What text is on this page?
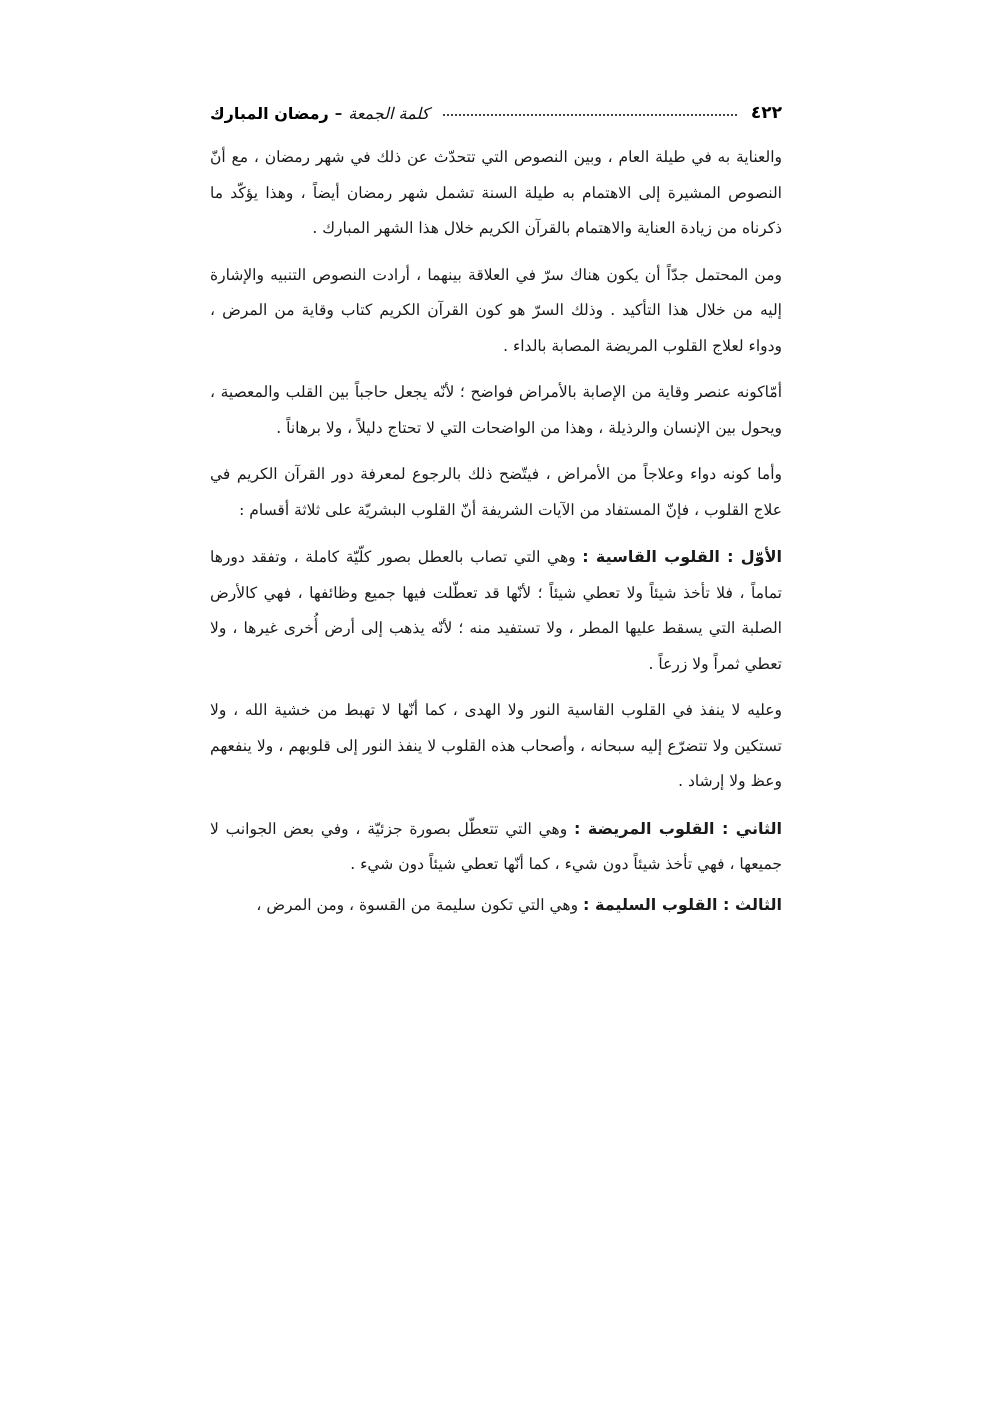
٤٢٢
كلمة الجمعة
–
رمضان المبارك

والعناية به في طيلة العام ، وبين النصوص التي تتحدّث عن ذلك في شهر رمضان ، مع أنّ النصوص المشيرة إلى الاهتمام به طيلة السنة تشمل شهر رمضان أيضاً ، وهذا يؤكّد ما ذكرناه من زيادة العناية والاهتمام بالقرآن الكريم خلال هذا الشهر المبارك .

ومن المحتمل جدّاً أن يكون هناك سرّ في العلاقة بينهما ، أرادت النصوص التنبيه والإشارة إليه من خلال هذا التأكيد . وذلك السرّ هو كون القرآن الكريم كتاب وقاية من المرض ، ودواء لعلاج القلوب المريضة المصابة بالداء .

أمّاكونه عنصر وقاية من الإصابة بالأمراض فواضح ؛ لأنّه يجعل حاجباً بين القلب والمعصية ، ويحول بين الإنسان والرذيلة ، وهذا من الواضحات التي لا تحتاج دليلاً ، ولا برهاناً .

وأما كونه دواء وعلاجاً من الأمراض ، فيتّضح ذلك بالرجوع لمعرفة دور القرآن الكريم في علاج القلوب ، فإنّ المستفاد من الآيات الشريفة أنّ القلوب البشريّة على ثلاثة أقسام :

الأوّل : القلوب القاسية : وهي التي تصاب بالعطل بصور كلّيّة كاملة ، وتفقد دورها تماماً ، فلا تأخذ شيئاً ولا تعطي شيئاً ؛ لأنّها قد تعطّلت فيها جميع وظائفها ، فهي كالأرض الصلبة التي يسقط عليها المطر ، ولا تستفيد منه ؛ لأنّه يذهب إلى أرض أُخرى غيرها ، ولا تعطي ثمراً ولا زرعاً .

وعليه لا ينفذ في القلوب القاسية النور ولا الهدى ، كما أنّها لا تهبط من خشية الله ، ولا تستكين ولا تتضرّع إليه سبحانه ، وأصحاب هذه القلوب لا ينفذ النور إلى قلوبهم ، ولا ينفعهم وعظ ولا إرشاد .

الثاني : القلوب المريضة : وهي التي تتعطّل بصورة جزئيّة ، وفي بعض الجوانب لا جميعها ، فهي تأخذ شيئاً دون شيء ، كما أنّها تعطي شيئاً دون شيء .

الثالث : القلوب السليمة : وهي التي تكون سليمة من القسوة ، ومن المرض ،
